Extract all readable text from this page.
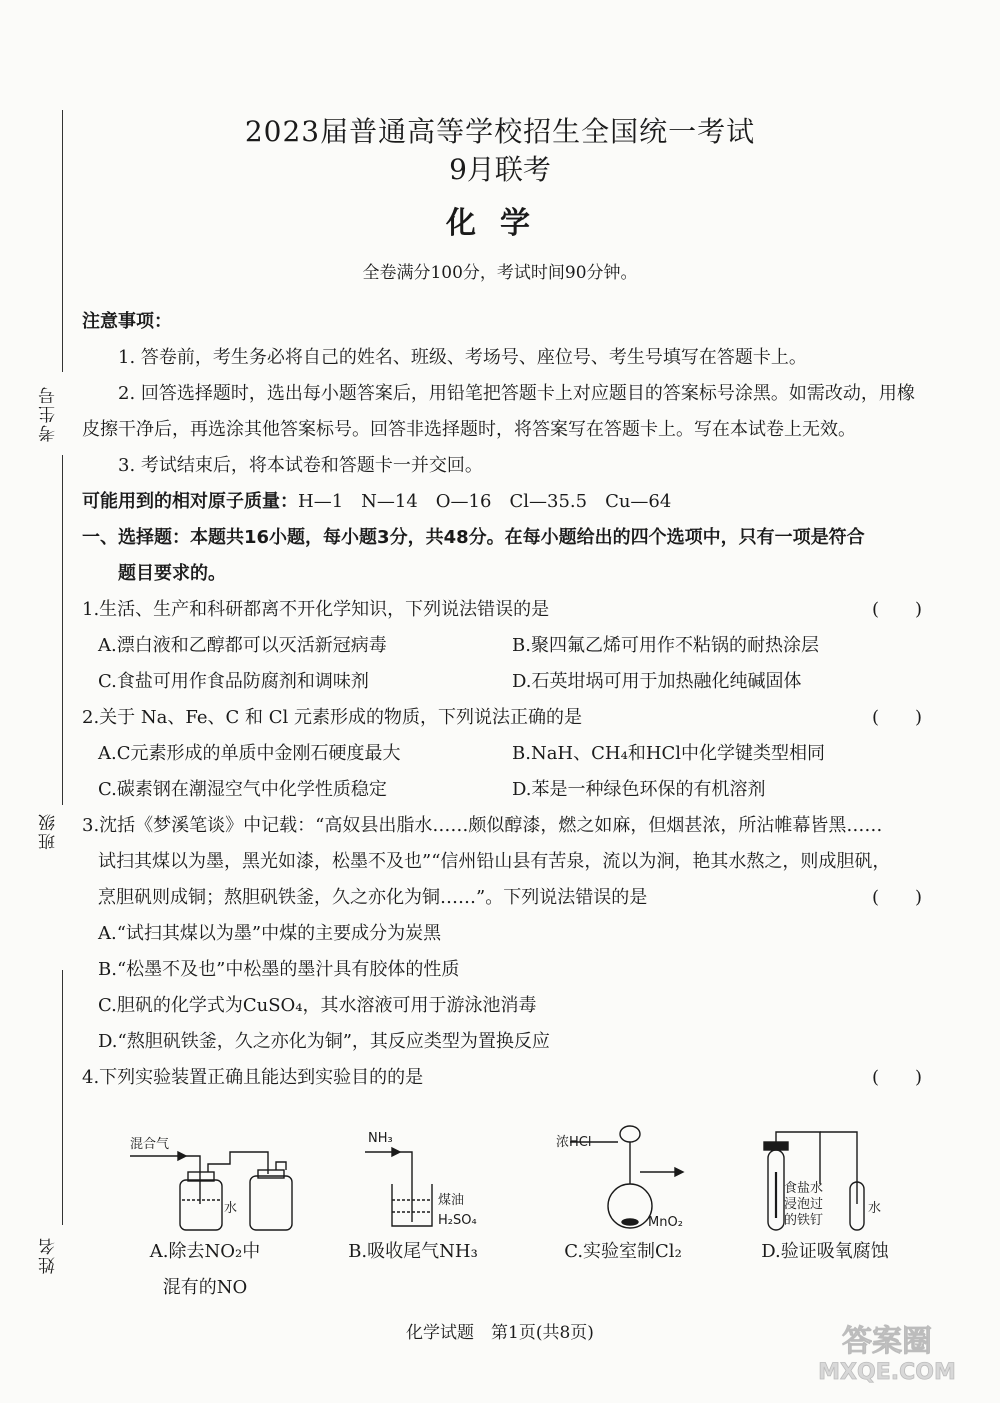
考生号
班级
姓名
2023届普通高等学校招生全国统一考试
9月联考
化学
全卷满分100分，考试时间90分钟。
注意事项：
1. 答卷前，考生务必将自己的姓名、班级、考场号、座位号、考生号填写在答题卡上。
2. 回答选择题时，选出每小题答案后，用铅笔把答题卡上对应题目的答案标号涂黑。如需改动，用橡皮擦干净后，再选涂其他答案标号。回答非选择题时，将答案写在答题卡上。写在本试卷上无效。
3. 考试结束后，将本试卷和答题卡一并交回。
可能用到的相对原子质量：H—1　N—14　O—16　Cl—35.5　Cu—64
一、选择题：本题共16小题，每小题3分，共48分。在每小题给出的四个选项中，只有一项是符合
题目要求的。
1.生活、生产和科研都离不开化学知识，下列说法错误的是	(　　)
A.漂白液和乙醇都可以灭活新冠病毒	B.聚四氟乙烯可用作不粘锅的耐热涂层
C.食盐可用作食品防腐剂和调味剂	D.石英坩埚可用于加热融化纯碱固体
2.关于 Na、Fe、C 和 Cl 元素形成的物质，下列说法正确的是	(　　)
A.C元素形成的单质中金刚石硬度最大	B.NaH、CH₄和HCl中化学键类型相同
C.碳素钢在潮湿空气中化学性质稳定	D.苯是一种绿色环保的有机溶剂
3.沈括《梦溪笔谈》中记载：“高奴县出脂水……颇似醇漆，燃之如麻，但烟甚浓，所沾帷幕皆黑……
试扫其煤以为墨，黑光如漆，松墨不及也”“信州铅山县有苦泉，流以为涧，艳其水熬之，则成胆矾，
烹胆矾则成铜；熬胆矾铁釜，久之亦化为铜……”。下列说法错误的是	(　　)
A.“试扫其煤以为墨”中煤的主要成分为炭黑
B.“松墨不及也”中松墨的墨汁具有胶体的性质
C.胆矾的化学式为CuSO₄，其水溶液可用于游泳池消毒
D.“熬胆矾铁釜，久之亦化为铜”，其反应类型为置换反应
4.下列实验装置正确且能达到实验目的的是	(　　)
混合气
水
NH₃
煤油
H₂SO₄
浓HCl
MnO₂
食盐水
浸泡过
的铁钉
水
A.除去NO₂中
混有的NO
B.吸收尾气NH₃	C.实验室制Cl₂	D.验证吸氧腐蚀
化学试题　第1页(共8页)	答案圈
MXQE.COM
